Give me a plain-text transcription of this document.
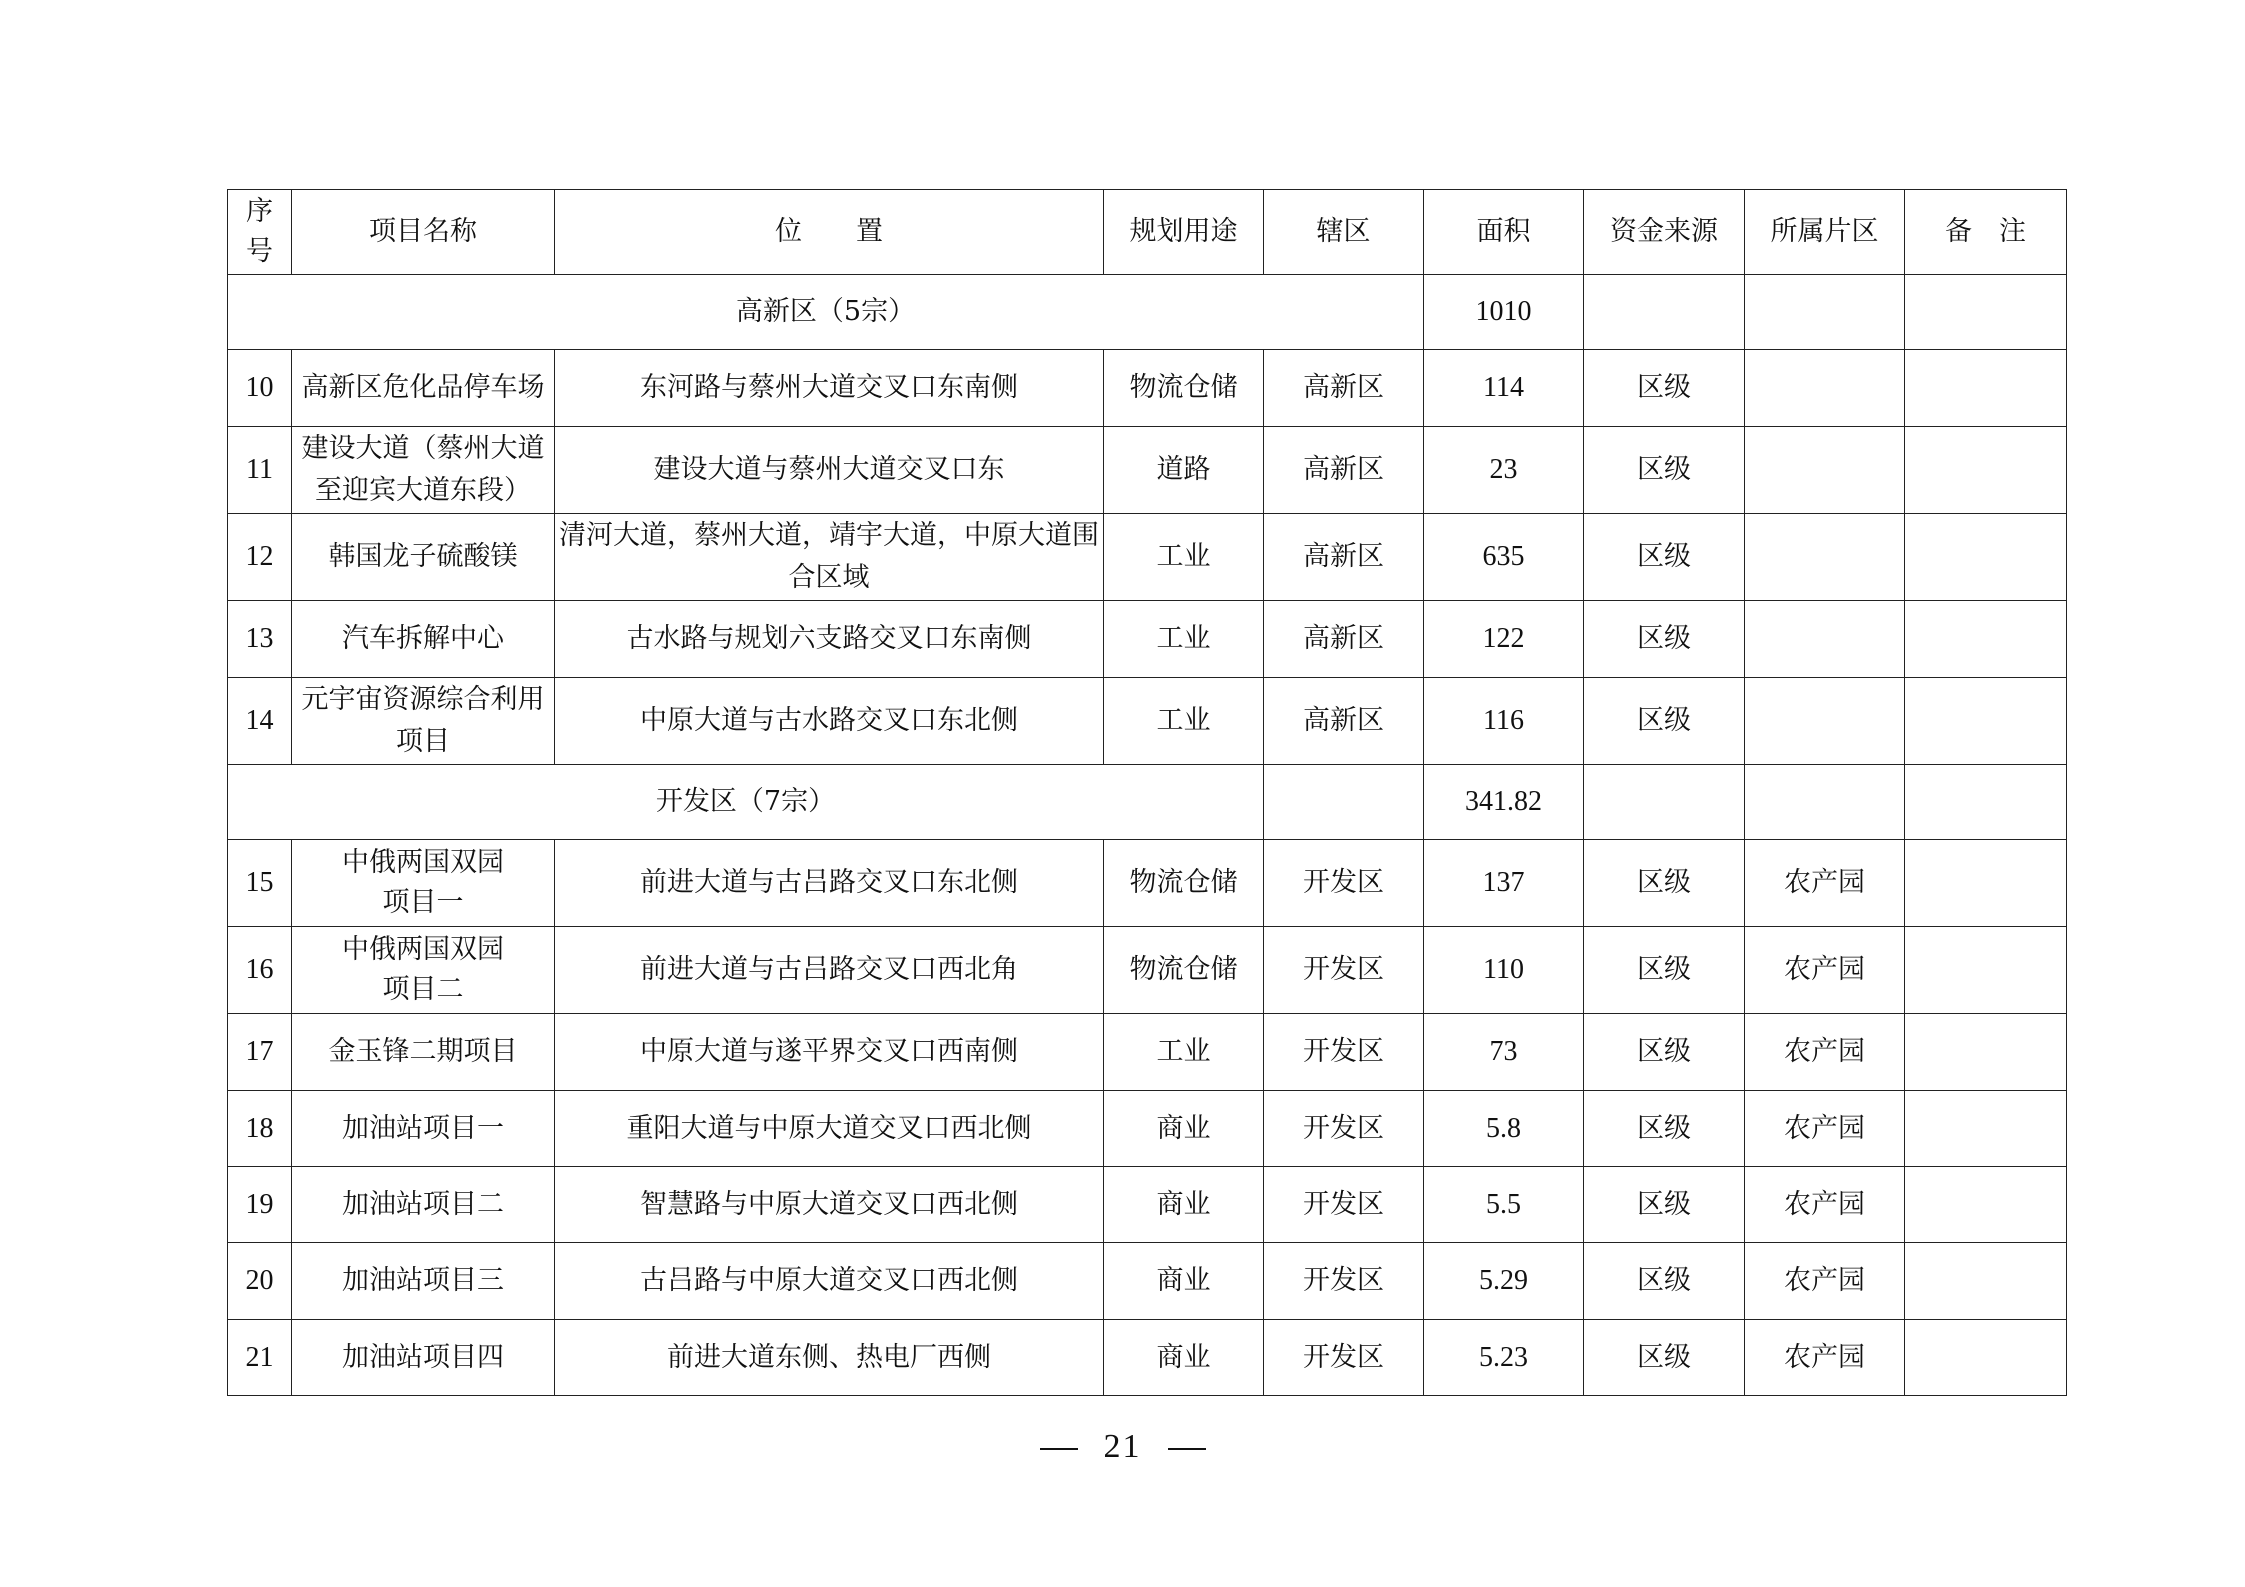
序
号	项目名称	位　　置	规划用途	辖区	面积	资金来源	所属片区	备　注
高新区（5宗）					1010			
10	高新区危化品停车场	东河路与蔡州大道交叉口东南侧	物流仓储	高新区	114	区级		
11	建设大道（蔡州大道至迎宾大道东段）	建设大道与蔡州大道交叉口东	道路	高新区	23	区级		
12	韩国龙子硫酸镁	清河大道，蔡州大道，靖宇大道，中原大道围合区域	工业	高新区	635	区级		
13	汽车拆解中心	古水路与规划六支路交叉口东南侧	工业	高新区	122	区级		
14	元宇宙资源综合利用项目	中原大道与古水路交叉口东北侧	工业	高新区	116	区级		
开发区（7宗）					341.82			
15	中俄两国双园
项目一	前进大道与古吕路交叉口东北侧	物流仓储	开发区	137	区级	农产园	
16	中俄两国双园
项目二	前进大道与古吕路交叉口西北角	物流仓储	开发区	110	区级	农产园	
17	金玉锋二期项目	中原大道与遂平界交叉口西南侧	工业	开发区	73	区级	农产园	
18	加油站项目一	重阳大道与中原大道交叉口西北侧	商业	开发区	5.8	区级	农产园	
19	加油站项目二	智慧路与中原大道交叉口西北侧	商业	开发区	5.5	区级	农产园	
20	加油站项目三	古吕路与中原大道交叉口西北侧	商业	开发区	5.29	区级	农产园	
21	加油站项目四	前进大道东侧、热电厂西侧	商业	开发区	5.23	区级	农产园	
21
